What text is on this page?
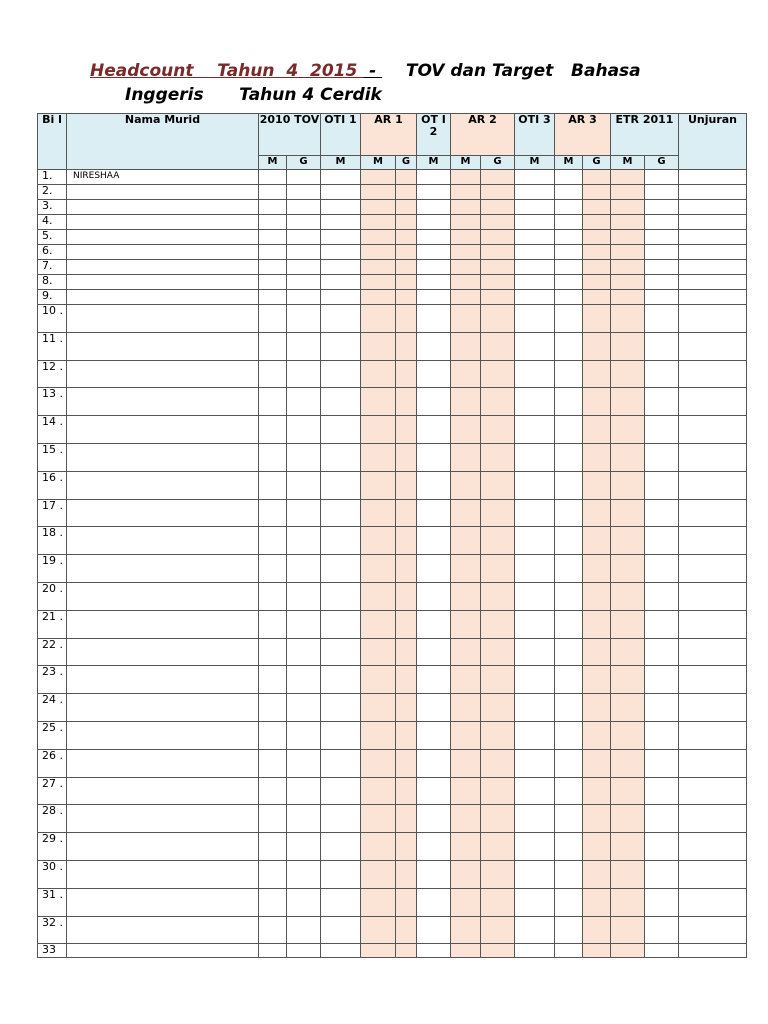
Headcount    Tahun  4  2015  -     TOV dan Target   Bahasa
Inggeris      Tahun 4 Cerdik
Bi l	Nama Murid	2010 TOV		OTI 1	AR 1		OT I 2	AR 2		OTI 3	AR 3		ETR 2011		Unjuran
		M	G	M	M	G	M	M	G	M	M	G	M	G	
1.	NIRESHAA														
2.															
3.															
4.															
5.															
6.															
7.															
8.															
9.															
10 .															
11 .															
12 .															
13 .															
14 .															
15 .															
16 .															
17 .															
18 .															
19 .															
20 .															
21 .															
22 .															
23 .															
24 .															
25 .															
26 .															
27 .															
28 .															
29 .															
30 .															
31 .															
32 .															
33															
